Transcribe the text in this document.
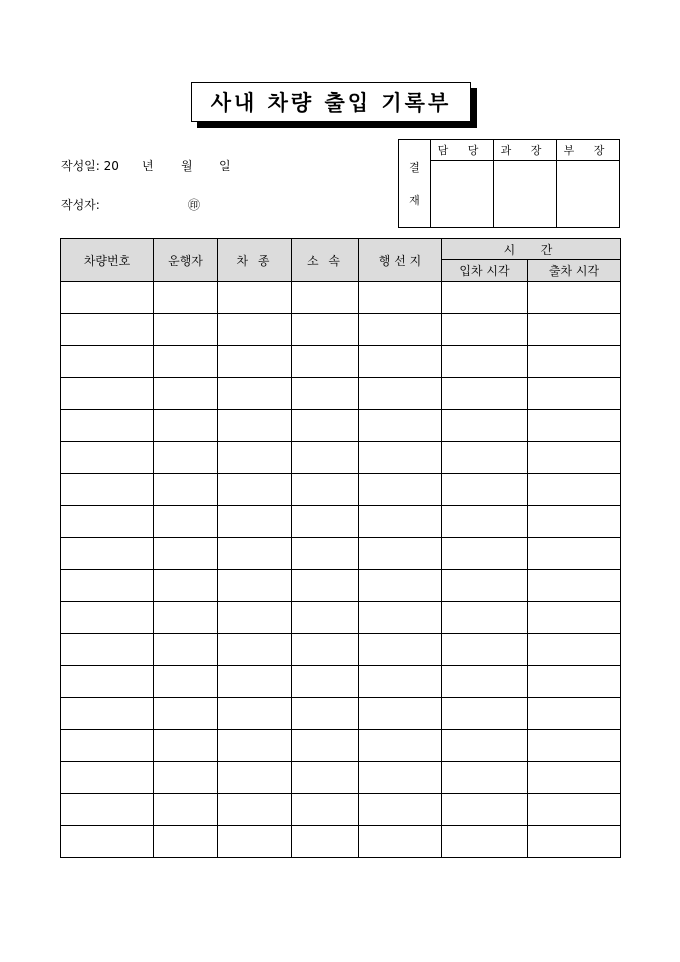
사내 차량 출입 기록부
작성일: 20 년 월 일
작성자:	㊞
결
재	담 당	과 장	부 장

차량번호	운행자	차 종	소 속	행 선 지	시  간	
					입차 시각	출차 시각
